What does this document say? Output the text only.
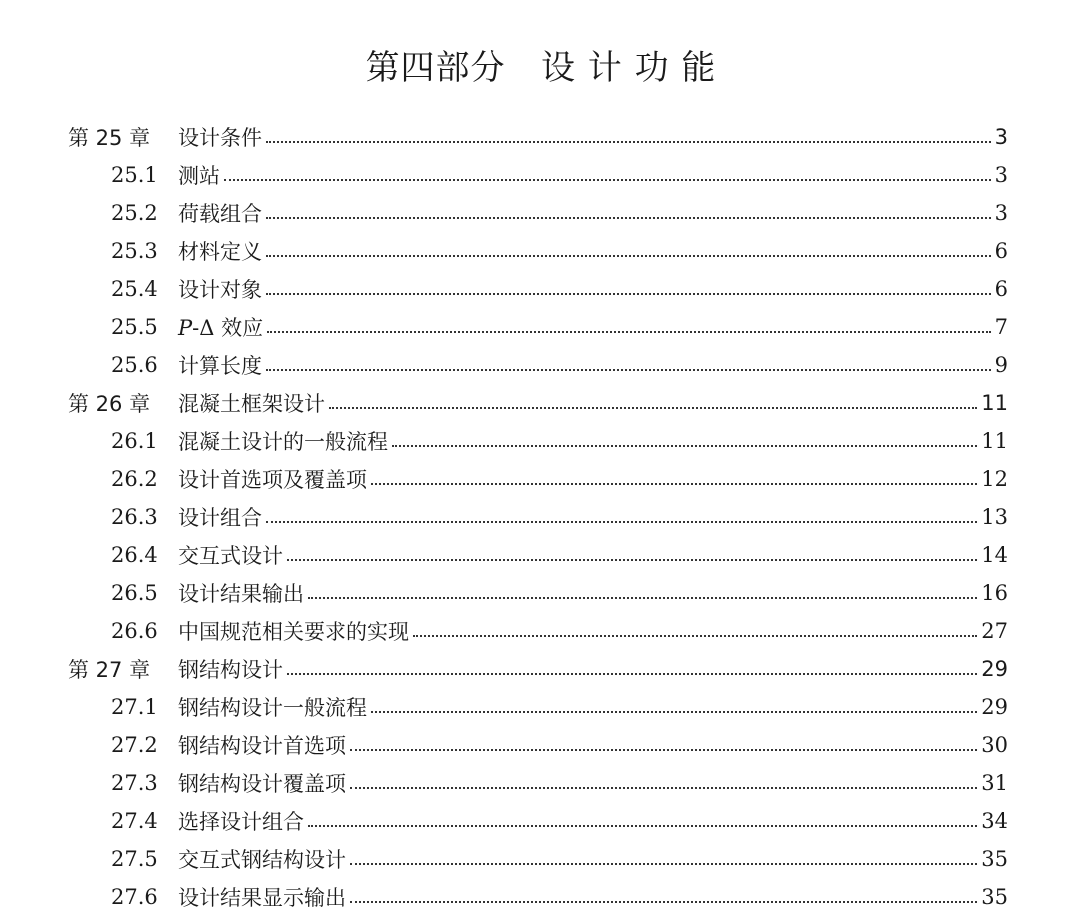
第四部分   设 计 功 能
第 25 章	设计条件	3
25.1 测站	3
25.2 荷载组合	3
25.3 材料定义	6
25.4 设计对象	6
25.5 P-Δ 效应	7
25.6 计算长度	9
第 26 章	混凝土框架设计	11
26.1 混凝土设计的一般流程	11
26.2 设计首选项及覆盖项	12
26.3 设计组合	13
26.4 交互式设计	14
26.5 设计结果输出	16
26.6 中国规范相关要求的实现	27
第 27 章	钢结构设计	29
27.1 钢结构设计一般流程	29
27.2 钢结构设计首选项	30
27.3 钢结构设计覆盖项	31
27.4 选择设计组合	34
27.5 交互式钢结构设计	35
27.6 设计结果显示输出	35
